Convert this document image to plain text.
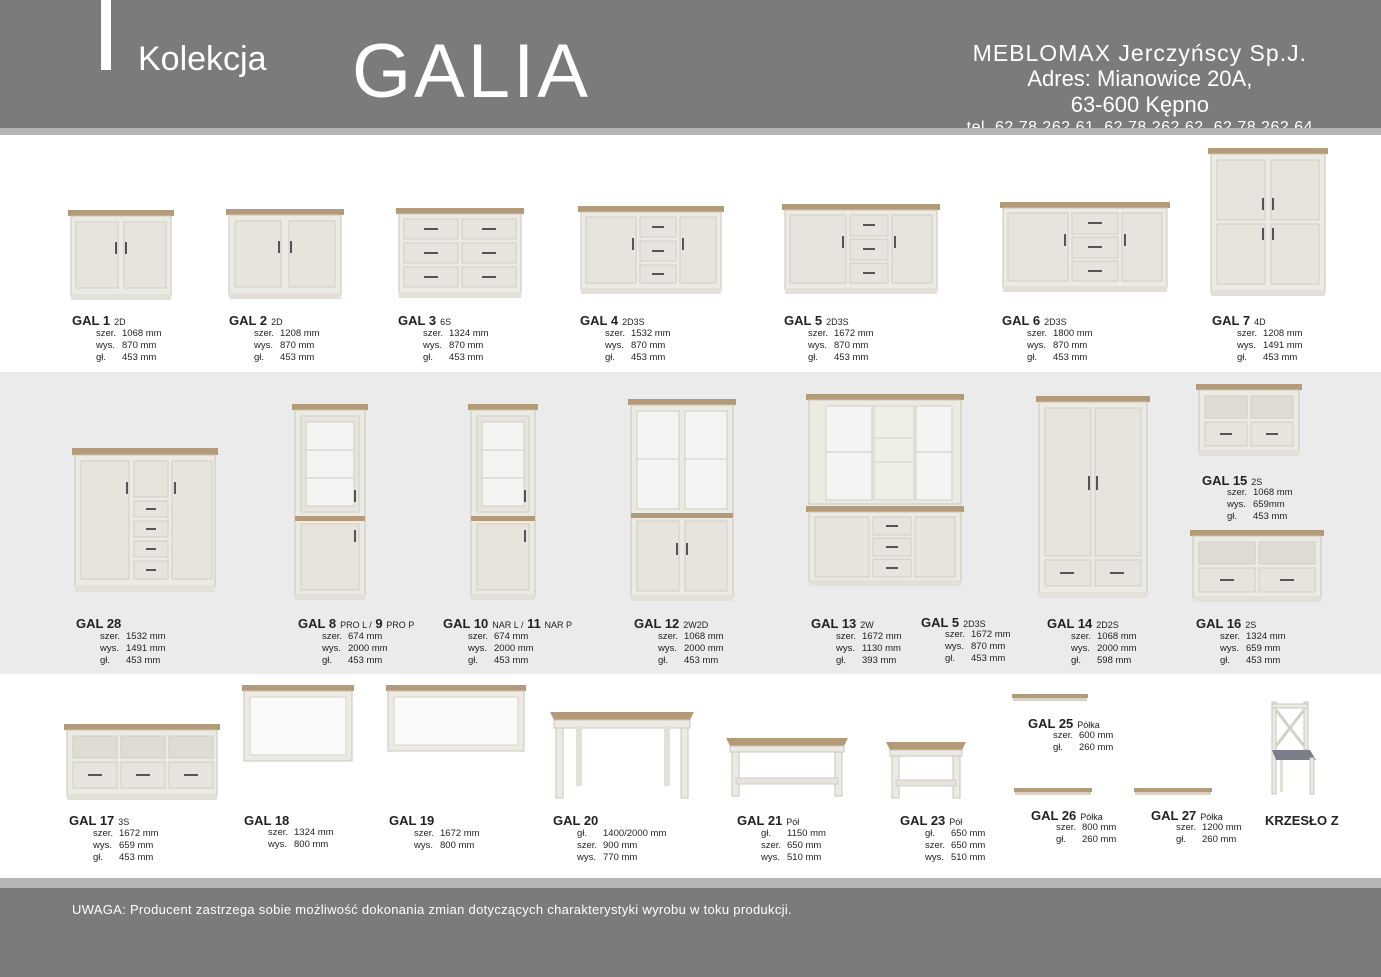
Kolekcja GALIA	MEBLOMAX Jerczyńscy Sp.J.
Adres: Mianowice 20A,
63-600 Kępno
GAL 1 2D
szer. 1068 mm
wys. 870 mm
gł. 453 mm
GAL 2 2D
szer. 1208 mm
wys. 870 mm
gł. 453 mm
GAL 3 6S
szer. 1324 mm
wys. 870 mm
gł. 453 mm
GAL 4 2D3S
szer. 1532 mm
wys. 870 mm
gł. 453 mm
GAL 5 2D3S
szer. 1672 mm
wys. 870 mm
gł. 453 mm
GAL 6 2D3S
szer. 1800 mm
wys. 870 mm
gł. 453 mm
GAL 7 4D
szer. 1208 mm
wys. 1491 mm
gł. 453 mm
GAL 28
szer. 1532 mm
wys. 1491 mm
gł. 453 mm
GAL 8 PRO L / 9 PRO P
szer. 674 mm
wys. 2000 mm
gł. 453 mm
GAL 10 NAR L / 11 NAR P
szer. 674 mm
wys. 2000 mm
gł. 453 mm
GAL 12 2W2D
szer. 1068 mm
wys. 2000 mm
gł. 453 mm
GAL 13 2W
szer. 1672 mm
wys. 1130 mm
gł. 393 mm
GAL 5 2D3S
szer. 1672 mm
wys. 870 mm
gł. 453 mm
GAL 14 2D2S
szer. 1068 mm
wys. 2000 mm
gł. 598 mm
GAL 15 2S
szer. 1068 mm
wys. 659mm
gł. 453 mm
GAL 16 2S
szer. 1324 mm
wys. 659 mm
gł. 453 mm
GAL 17 3S
szer. 1672 mm
wys. 659 mm
gł. 453 mm
GAL 18
szer. 1324 mm
wys. 800 mm
GAL 19
szer. 1672 mm
wys. 800 mm
GAL 20
gł. 1400/2000 mm
szer. 900 mm
wys. 770 mm
GAL 21 Pół
gł. 1150 mm
szer. 650 mm
wys. 510 mm
GAL 23 Pół
gł. 650 mm
szer. 650 mm
wys. 510 mm
GAL 25 Półka
szer. 600 mm
gł. 260 mm
GAL 26 Półka
szer. 800 mm
gł. 260 mm
GAL 27 Półka
szer. 1200 mm
gł. 260 mm
KRZESŁO Z
UWAGA: Producent zastrzega sobie możliwość dokonania zmian dotyczących charakterystyki wyrobu w toku produkcji.
